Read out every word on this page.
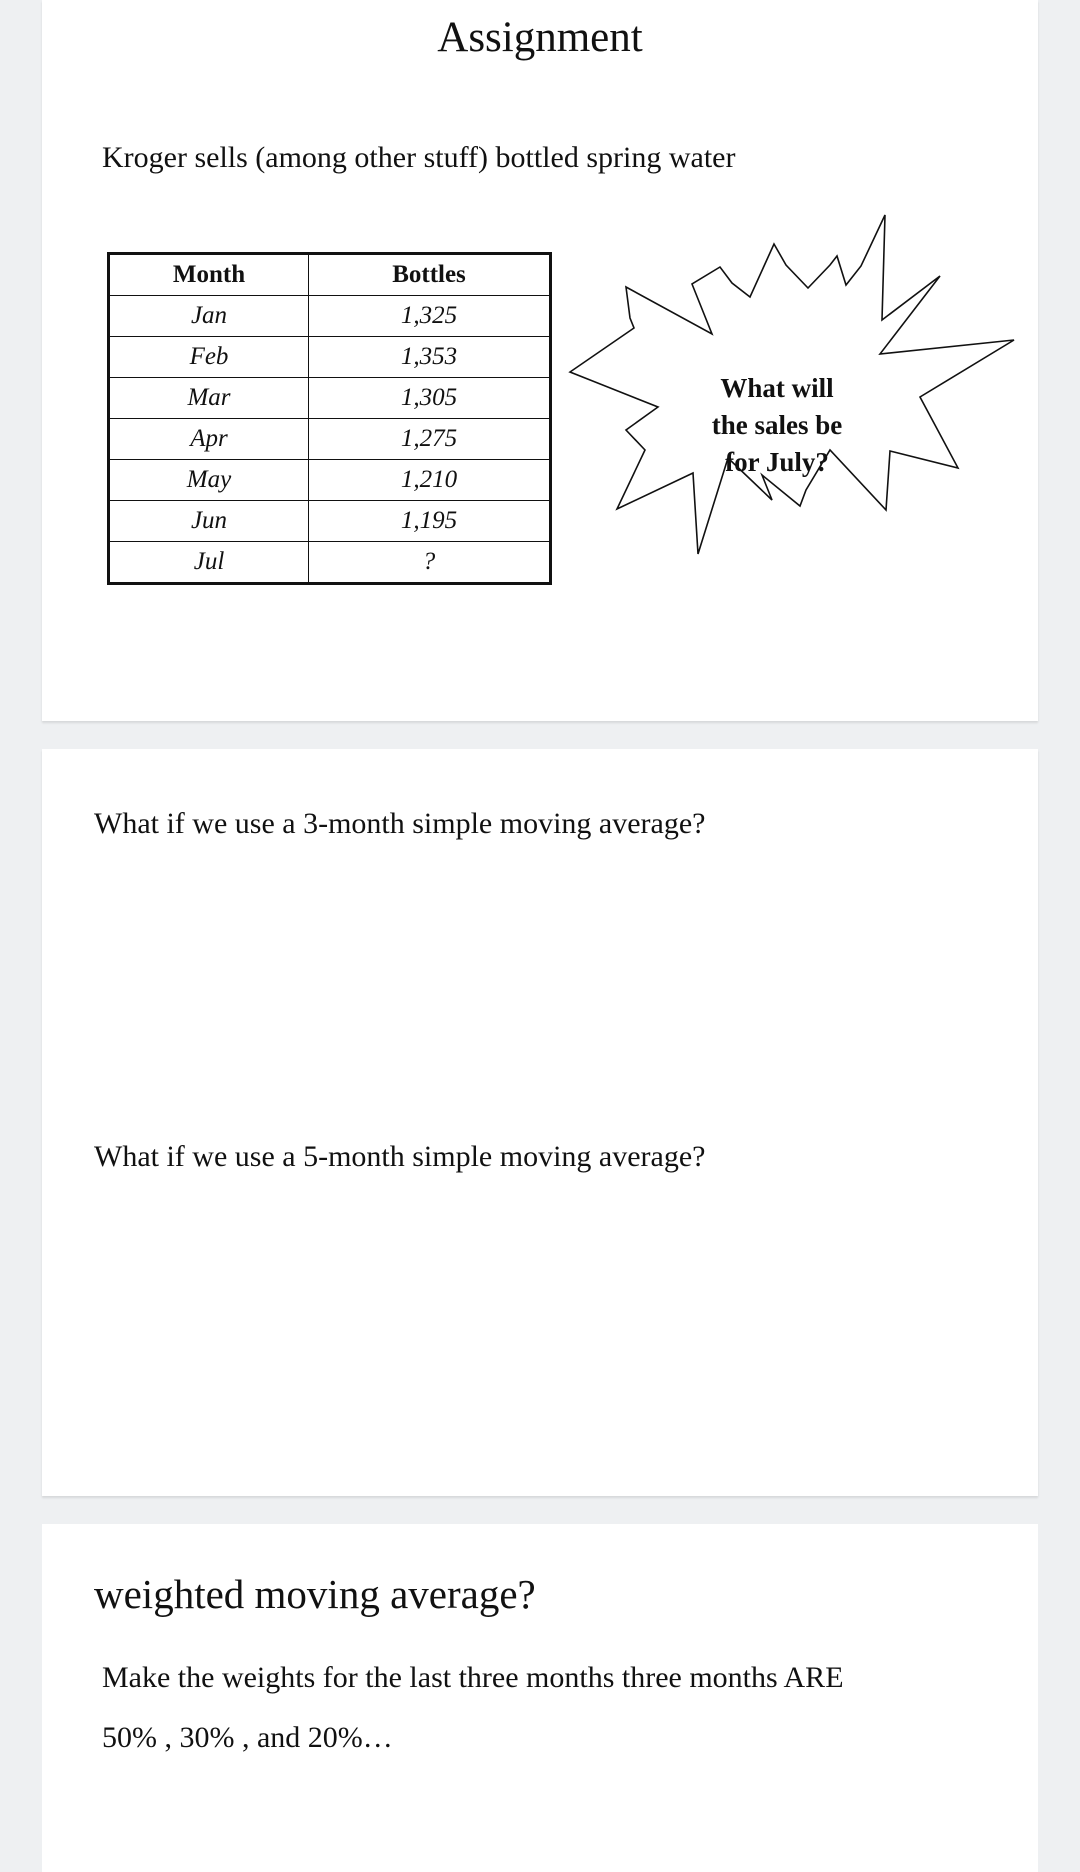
Assignment
Kroger sells (among other stuff) bottled spring water
Month	Bottles
Jan	1,325
Feb	1,353
Mar	1,305
Apr	1,275
May	1,210
Jun	1,195
Jul	?
What will
the sales be
for July?
What if we use a 3-month simple moving average?
What if we use a 5-month simple moving average?
weighted moving average?
Make the weights for the last three months three months ARE
50% , 30% , and 20%…
